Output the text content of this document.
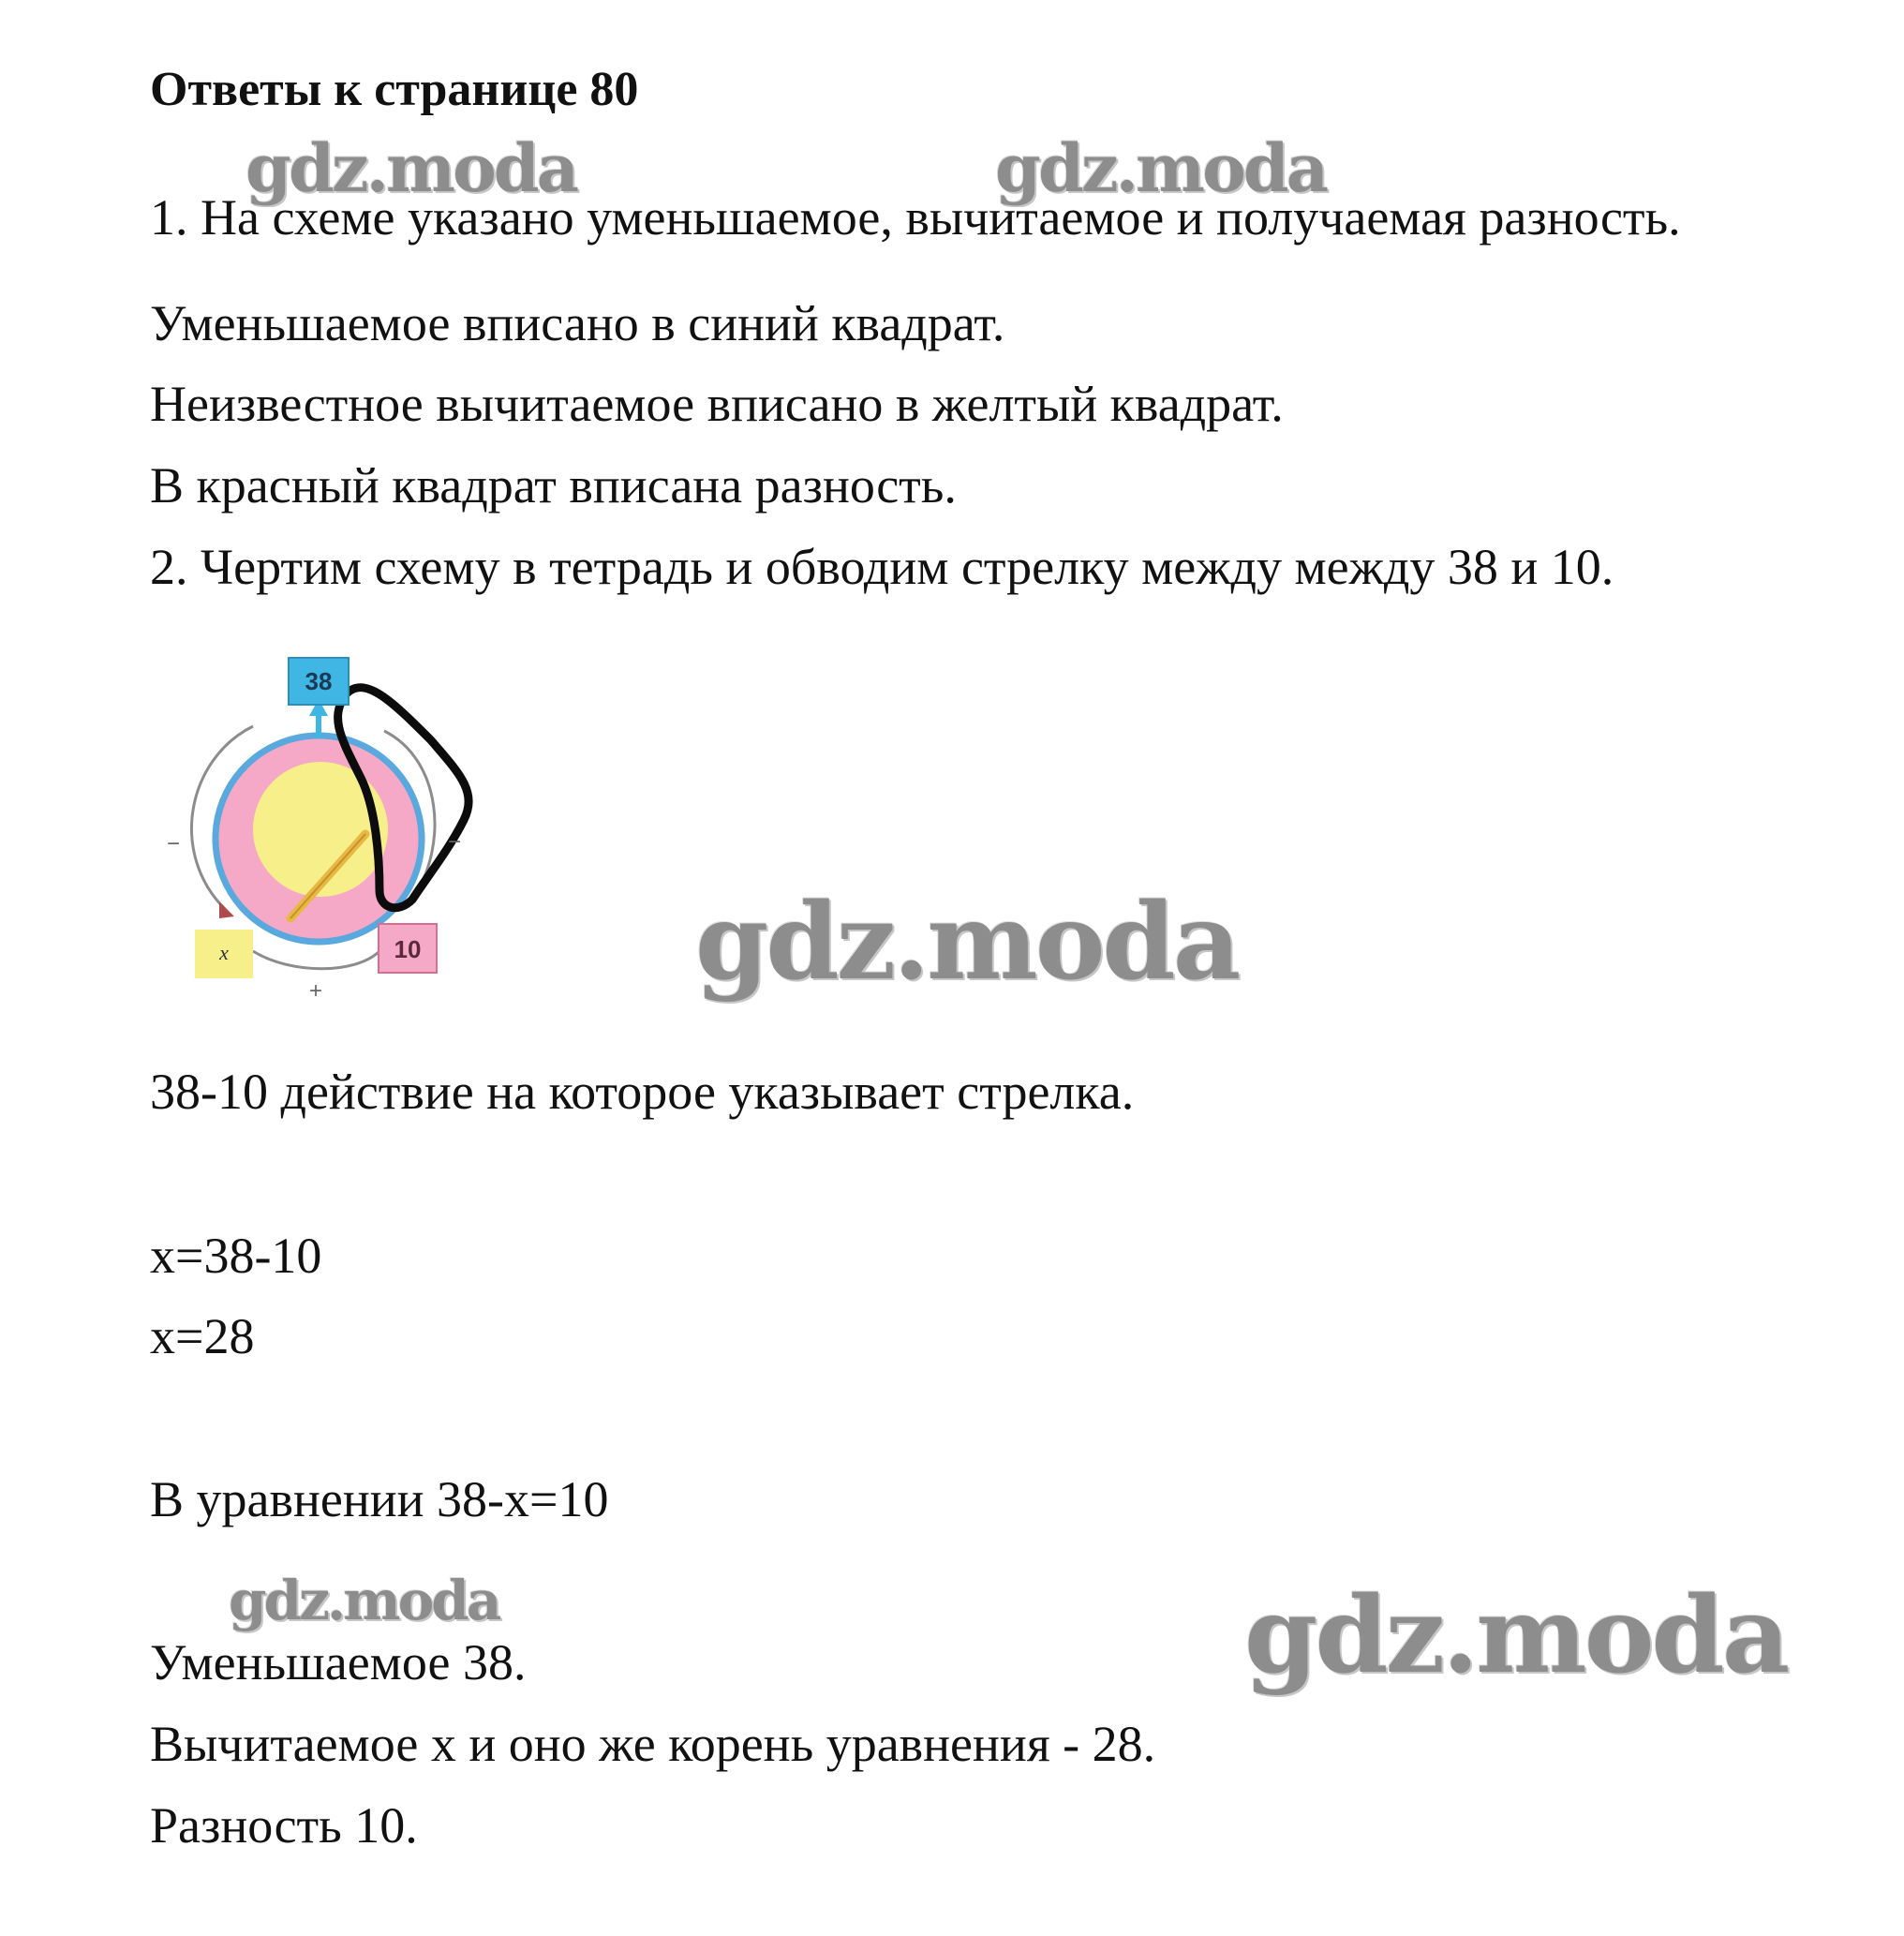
gdz.moda	gdz.moda
gdz.moda
gdz.moda	gdz.moda

Ответы к странице 80

1. На схеме указано уменьшаемое, вычитаемое и получаемая разность.

Уменьшаемое вписано в синий квадрат.

Неизвестное вычитаемое вписано в желтый квадрат.

В красный квадрат вписана разность.

2. Чертим схему в тетрадь и обводим стрелку между между 38 и 10.

38
x	10
−	−
+

38-10 действие на которое указывает стрелка.

x=38-10

x=28

В уравнении 38-x=10

Уменьшаемое 38.

Вычитаемое x и оно же корень уравнения - 28.

Разность 10.
